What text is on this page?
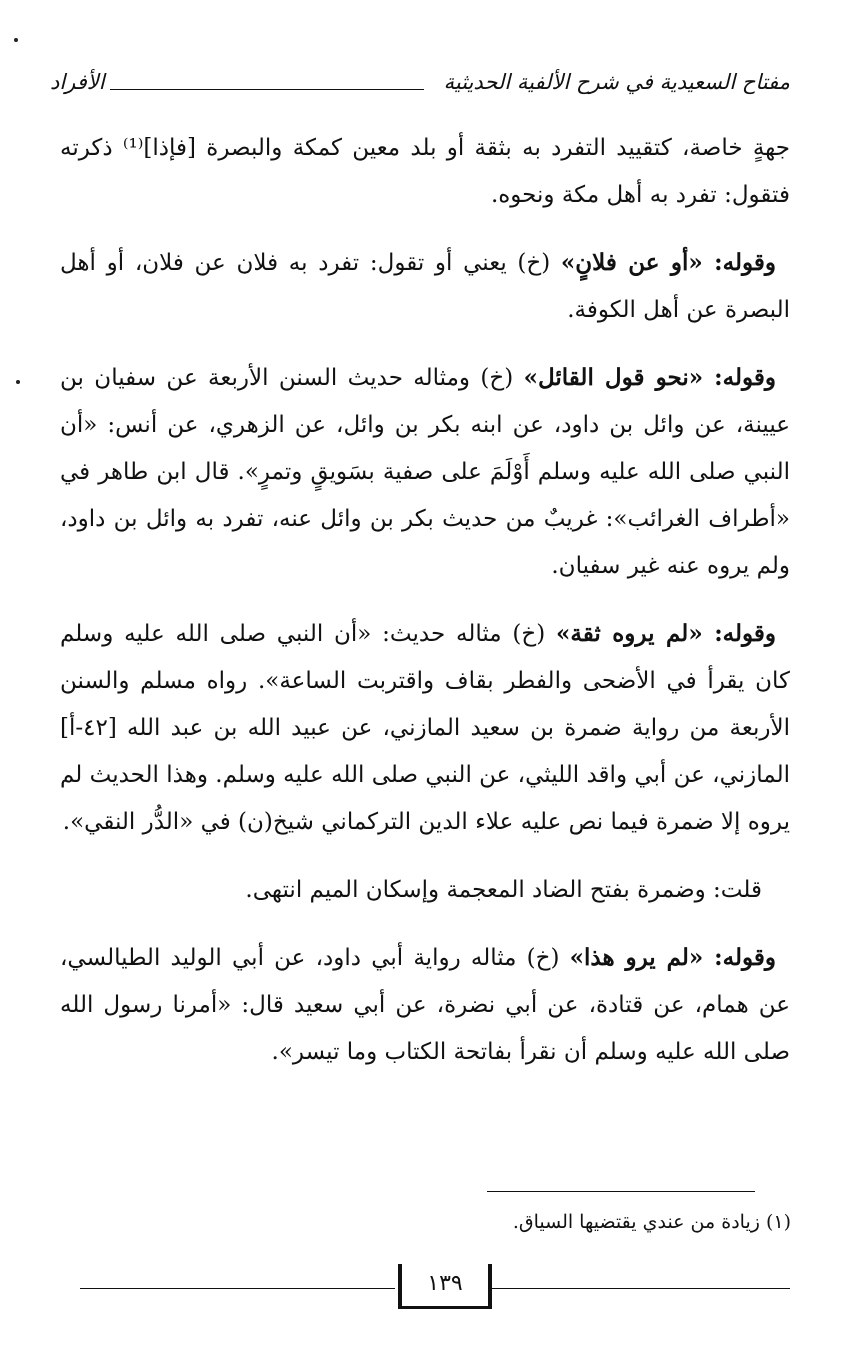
مفتاح السعيدية في شرح الألفية الحديثية
الأفراد

جهةٍ خاصة، كتقييد التفرد به بثقة أو بلد معين كمكة والبصرة [فإذا]⁽¹⁾ ذكرته فتقول: تفرد به أهل مكة ونحوه.

وقوله: «أو عن فلانٍ» (خ) يعني أو تقول: تفرد به فلان عن فلان، أو أهل البصرة عن أهل الكوفة.

وقوله: «نحو قول القائل» (خ) ومثاله حديث السنن الأربعة عن سفيان بن عيينة، عن وائل بن داود، عن ابنه بكر بن وائل، عن الزهري، عن أنس: «أن النبي صلى الله عليه وسلم أَوْلَمَ على صفية بسَويقٍ وتمرٍ». قال ابن طاهر في «أطراف الغرائب»: غريبٌ من حديث بكر بن وائل عنه، تفرد به وائل بن داود، ولم يروه عنه غير سفيان.

وقوله: «لم يروه ثقة» (خ) مثاله حديث: «أن النبي صلى الله عليه وسلم كان يقرأ في الأضحى والفطر بقاف واقتربت الساعة». رواه مسلم والسنن الأربعة من رواية ضمرة بن سعيد المازني، عن عبيد الله بن عبد الله [٤٢-أ] المازني، عن أبي واقد الليثي، عن النبي صلى الله عليه وسلم. وهذا الحديث لم يروه إلا ضمرة فيما نص عليه علاء الدين التركماني شيخ(ن) في «الدُّر النقي».

قلت: وضمرة بفتح الضاد المعجمة وإسكان الميم انتهى.

وقوله: «لم يرو هذا» (خ) مثاله رواية أبي داود، عن أبي الوليد الطيالسي، عن همام، عن قتادة، عن أبي نضرة، عن أبي سعيد قال: «أمرنا رسول الله صلى الله عليه وسلم أن نقرأ بفاتحة الكتاب وما تيسر».

(١) زيادة من عندي يقتضيها السياق.
١٣٩
